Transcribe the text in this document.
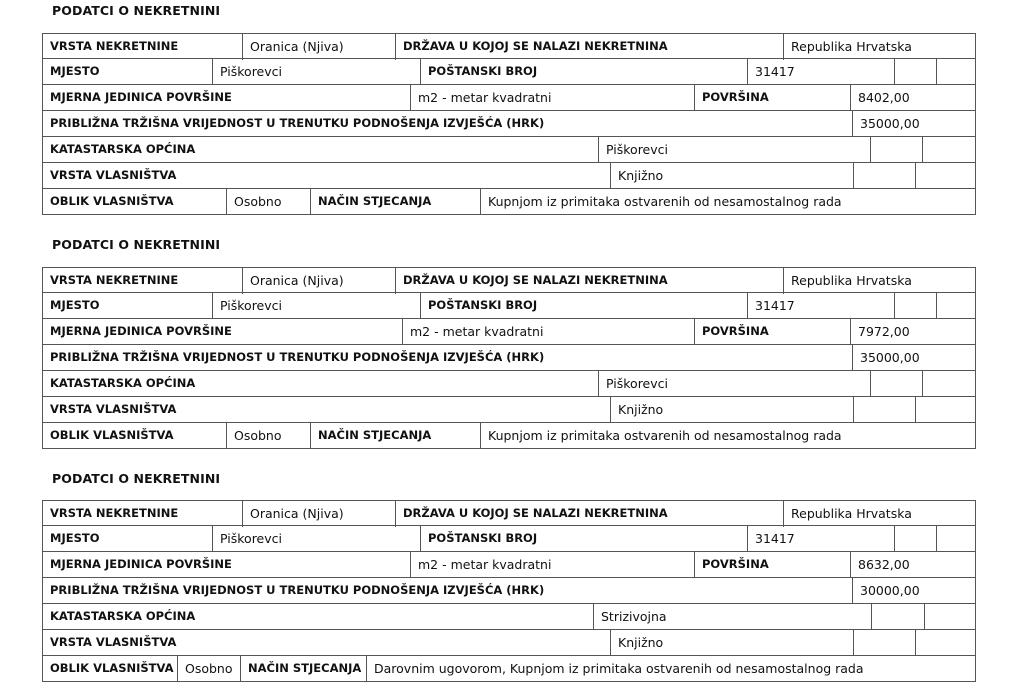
PODATCI O NEKRETNINI
VRSTA NEKRETNINE	Oranica (Njiva)	DRŽAVA U KOJOJ SE NALAZI NEKRETNINA	Republika Hrvatska
MJESTO	Piškorevci	POŠTANSKI BROJ	31417
MJERNA JEDINICA POVRŠINE	m2 - metar kvadratni	POVRŠINA	8402,00
PRIBLIŽNA TRŽIŠNA VRIJEDNOST U TRENUTKU PODNOŠENJA IZVJEŠĆA (HRK)	35000,00
KATASTARSKA OPĆINA	Piškorevci
VRSTA VLASNIŠTVA	Knjižno
OBLIK VLASNIŠTVA	Osobno	NAČIN STJECANJA	Kupnjom iz primitaka ostvarenih od nesamostalnog rada
PODATCI O NEKRETNINI
VRSTA NEKRETNINE	Oranica (Njiva)	DRŽAVA U KOJOJ SE NALAZI NEKRETNINA	Republika Hrvatska
MJESTO	Piškorevci	POŠTANSKI BROJ	31417
MJERNA JEDINICA POVRŠINE	m2 - metar kvadratni	POVRŠINA	7972,00
PRIBLIŽNA TRŽIŠNA VRIJEDNOST U TRENUTKU PODNOŠENJA IZVJEŠĆA (HRK)	35000,00
KATASTARSKA OPĆINA	Piškorevci
VRSTA VLASNIŠTVA	Knjižno
OBLIK VLASNIŠTVA	Osobno	NAČIN STJECANJA	Kupnjom iz primitaka ostvarenih od nesamostalnog rada
PODATCI O NEKRETNINI
VRSTA NEKRETNINE	Oranica (Njiva)	DRŽAVA U KOJOJ SE NALAZI NEKRETNINA	Republika Hrvatska
MJESTO	Piškorevci	POŠTANSKI BROJ	31417
MJERNA JEDINICA POVRŠINE	m2 - metar kvadratni	POVRŠINA	8632,00
PRIBLIŽNA TRŽIŠNA VRIJEDNOST U TRENUTKU PODNOŠENJA IZVJEŠĆA (HRK)	30000,00
KATASTARSKA OPĆINA	Strizivojna
VRSTA VLASNIŠTVA	Knjižno
OBLIK VLASNIŠTVA Osobno	NAČIN STJECANJA	Darovnim ugovorom, Kupnjom iz primitaka ostvarenih od nesamostalnog rada
